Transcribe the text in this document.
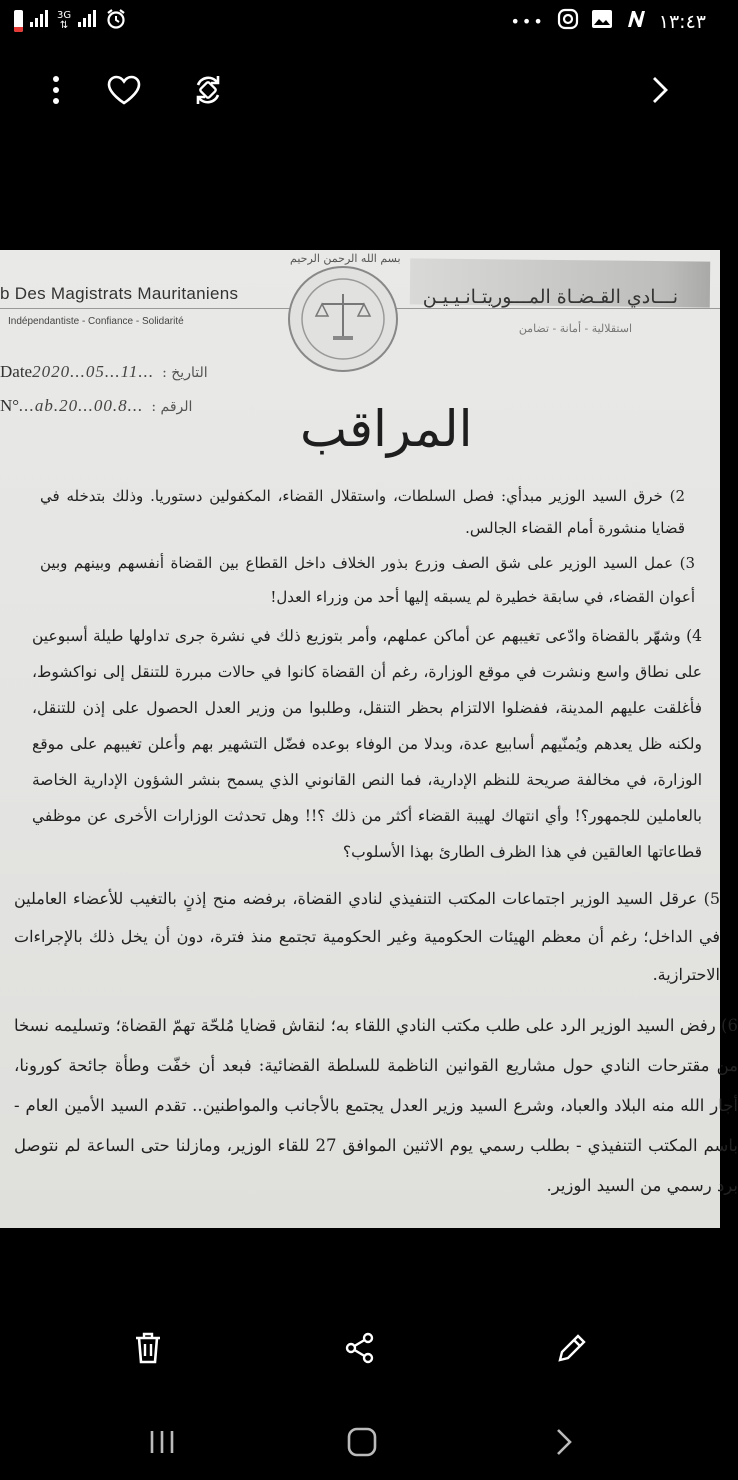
3G
⇅	•••	١٣:٤٣
بسم الله الرحمن الرحيم
b Des Magistrats Mauritaniens	نـــادي القـضـاة المـــوريتـانـيـيـن
Indépendantiste - Confiance - Solidarité
استقلالية - أمانة - تضامن
Date2020...05...11... : التاريخ
N°...ab.20...00.8... : الرقم المراقب

2) خرق السيد الوزير مبدأي: فصل السلطات، واستقلال القضاء، المكفولين دستوريا. وذلك بتدخله في قضايا منشورة أمام القضاء الجالس.

3) عمل السيد الوزير على شق الصف وزرع بذور الخلاف داخل القطاع بين القضاة أنفسهم وبينهم وبين أعوان القضاء، في سابقة خطيرة لم يسبقه إليها أحد من وزراء العدل!

4) وشهّر بالقضاة وادّعى تغيبهم عن أماكن عملهم، وأمر بتوزيع ذلك في نشرة جرى تداولها طيلة أسبوعين على نطاق واسع ونشرت في موقع الوزارة، رغم أن القضاة كانوا في حالات مبررة للتنقل إلى نواكشوط، فأغلقت عليهم المدينة، ففضلوا الالتزام بحظر التنقل، وطلبوا من وزير العدل الحصول على إذن للتنقل، ولكنه ظل يعدهم ويُمنّيهم أسابيع عدة، وبدلا من الوفاء بوعده فضّل التشهير بهم وأعلن تغيبهم على موقع الوزارة، في مخالفة صريحة للنظم الإدارية، فما النص القانوني الذي يسمح بنشر الشؤون الإدارية الخاصة بالعاملين للجمهور؟! وأي انتهاك لهيبة القضاء أكثر من ذلك ؟!! وهل تحدثت الوزارات الأخرى عن موظفي قطاعاتها العالقين في هذا الظرف الطارئ بهذا الأسلوب؟

5) عرقل السيد الوزير اجتماعات المكتب التنفيذي لنادي القضاة، برفضه منح إذنٍ بالتغيب للأعضاء العاملين في الداخل؛ رغم أن معظم الهيئات الحكومية وغير الحكومية تجتمع منذ فترة، دون أن يخل ذلك بالإجراءات الاحترازية.

6) رفض السيد الوزير الرد على طلب مكتب النادي اللقاء به؛ لنقاش قضايا مُلحّة تهمّ القضاة؛ وتسليمه نسخا من مقترحات النادي حول مشاريع القوانين الناظمة للسلطة القضائية: فبعد أن خفّت وطأة جائحة كورونا، أجار الله منه البلاد والعباد، وشرع السيد وزير العدل يجتمع بالأجانب والمواطنين.. تقدم السيد الأمين العام - باسم المكتب التنفيذي - بطلب رسمي يوم الاثنين الموافق 27 للقاء الوزير، ومازلنا حتى الساعة لم نتوصل برد رسمي من السيد الوزير.
